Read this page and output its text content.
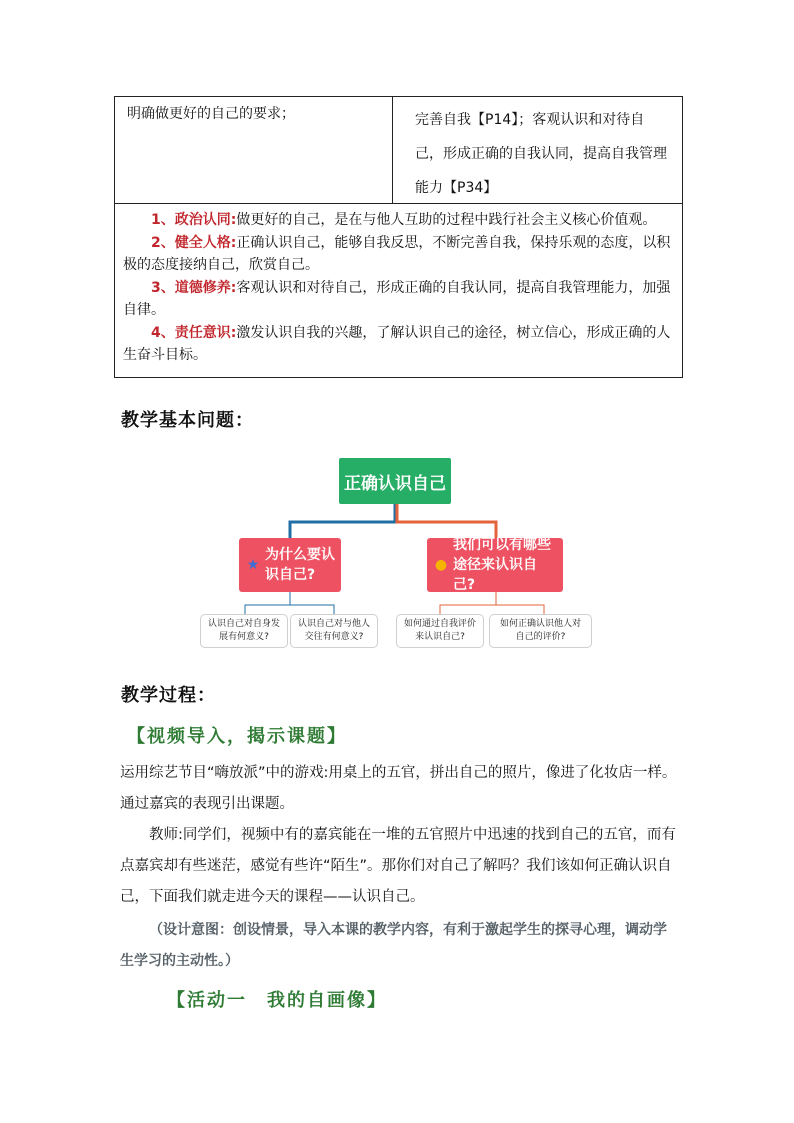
明确做更好的自己的要求；	完善自我【P14】；客观认识和对待自己，形成正确的自我认同，提高自我管理能力【P34】

1、政治认同:做更好的自己，是在与他人互助的过程中践行社会主义核心价值观。

2、健全人格:正确认识自己，能够自我反思，不断完善自我，保持乐观的态度，以积极的态度接纳自己，欣赏自己。

3、道德修养:客观认识和对待自己，形成正确的自我认同，提高自我管理能力，加强自律。

4、责任意识:激发认识自我的兴趣，了解认识自己的途径，树立信心，形成正确的人生奋斗目标。

教学基本问题：
正确认识自己
★
为什么要认识自己?
●
我们可以有哪些途径来认识自己?
认识自己对自身发展有何意义?
认识自己对与他人交往有何意义?
如何通过自我评价来认识自己?
如何正确认识他人对自己的评价?
教学过程：
【视频导入，揭示课题】

运用综艺节目“嗨放派”中的游戏:用桌上的五官，拼出自己的照片，像进了化妆店一样。通过嘉宾的表现引出课题。

教师:同学们，视频中有的嘉宾能在一堆的五官照片中迅速的找到自己的五官，而有点嘉宾却有些迷茫，感觉有些许“陌生”。那你们对自己了解吗？我们该如何正确认识自己，下面我们就走进今天的课程——认识自己。

（设计意图：创设情景，导入本课的教学内容，有利于激起学生的探寻心理，调动学生学习的主动性。）

【活动一　我的自画像】
